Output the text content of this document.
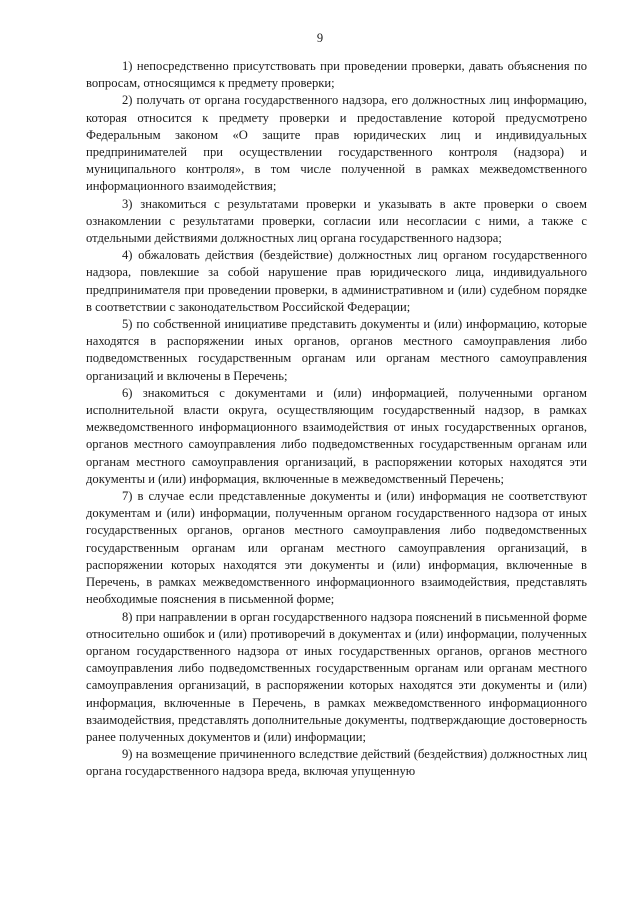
9

1) непосредственно присутствовать при проведении проверки, давать объяснения по вопросам, относящимся к предмету проверки;

2) получать от органа государственного надзора, его должностных лиц информацию, которая относится к предмету проверки и предоставление которой предусмотрено Федеральным законом «О защите прав юридических лиц и индивидуальных предпринимателей при осуществлении государственного контроля (надзора) и муниципального контроля», в том числе полученной в рамках межведомственного информационного взаимодействия;

3) знакомиться с результатами проверки и указывать в акте проверки о своем ознакомлении с результатами проверки, согласии или несогласии с ними, а также с отдельными действиями должностных лиц органа государственного надзора;

4) обжаловать действия (бездействие) должностных лиц органом государственного надзора, повлекшие за собой нарушение прав юридического лица, индивидуального предпринимателя при проведении проверки, в административном и (или) судебном порядке в соответствии с законодательством Российской Федерации;

5) по собственной инициативе представить документы и (или) информацию, которые находятся в распоряжении иных органов, органов местного самоуправления либо подведомственных государственным органам или органам местного самоуправления организаций и включены в Перечень;

6) знакомиться с документами и (или) информацией, полученными органом исполнительной власти округа, осуществляющим государственный надзор, в рамках межведомственного информационного взаимодействия от иных государственных органов, органов местного самоуправления либо подведомственных государственным органам или органам местного самоуправления организаций, в распоряжении которых находятся эти документы и (или) информация, включенные в межведомственный Перечень;

7) в случае если представленные документы и (или) информация не соответствуют документам и (или) информации, полученным органом государственного надзора от иных государственных органов, органов местного самоуправления либо подведомственных государственным органам или органам местного самоуправления организаций, в распоряжении которых находятся эти документы и (или) информация, включенные в Перечень, в рамках межведомственного информационного взаимодействия, представлять необходимые пояснения в письменной форме;

8) при направлении в орган государственного надзора пояснений в письменной форме относительно ошибок и (или) противоречий в документах и (или) информации, полученных органом государственного надзора от иных государственных органов, органов местного самоуправления либо подведомственных государственным органам или органам местного самоуправления организаций, в распоряжении которых находятся эти документы и (или) информация, включенные в Перечень, в рамках межведомственного информационного взаимодействия, представлять дополнительные документы, подтверждающие достоверность ранее полученных документов и (или) информации;

9) на возмещение причиненного вследствие действий (бездействия) должностных лиц органа государственного надзора вреда, включая упущенную
